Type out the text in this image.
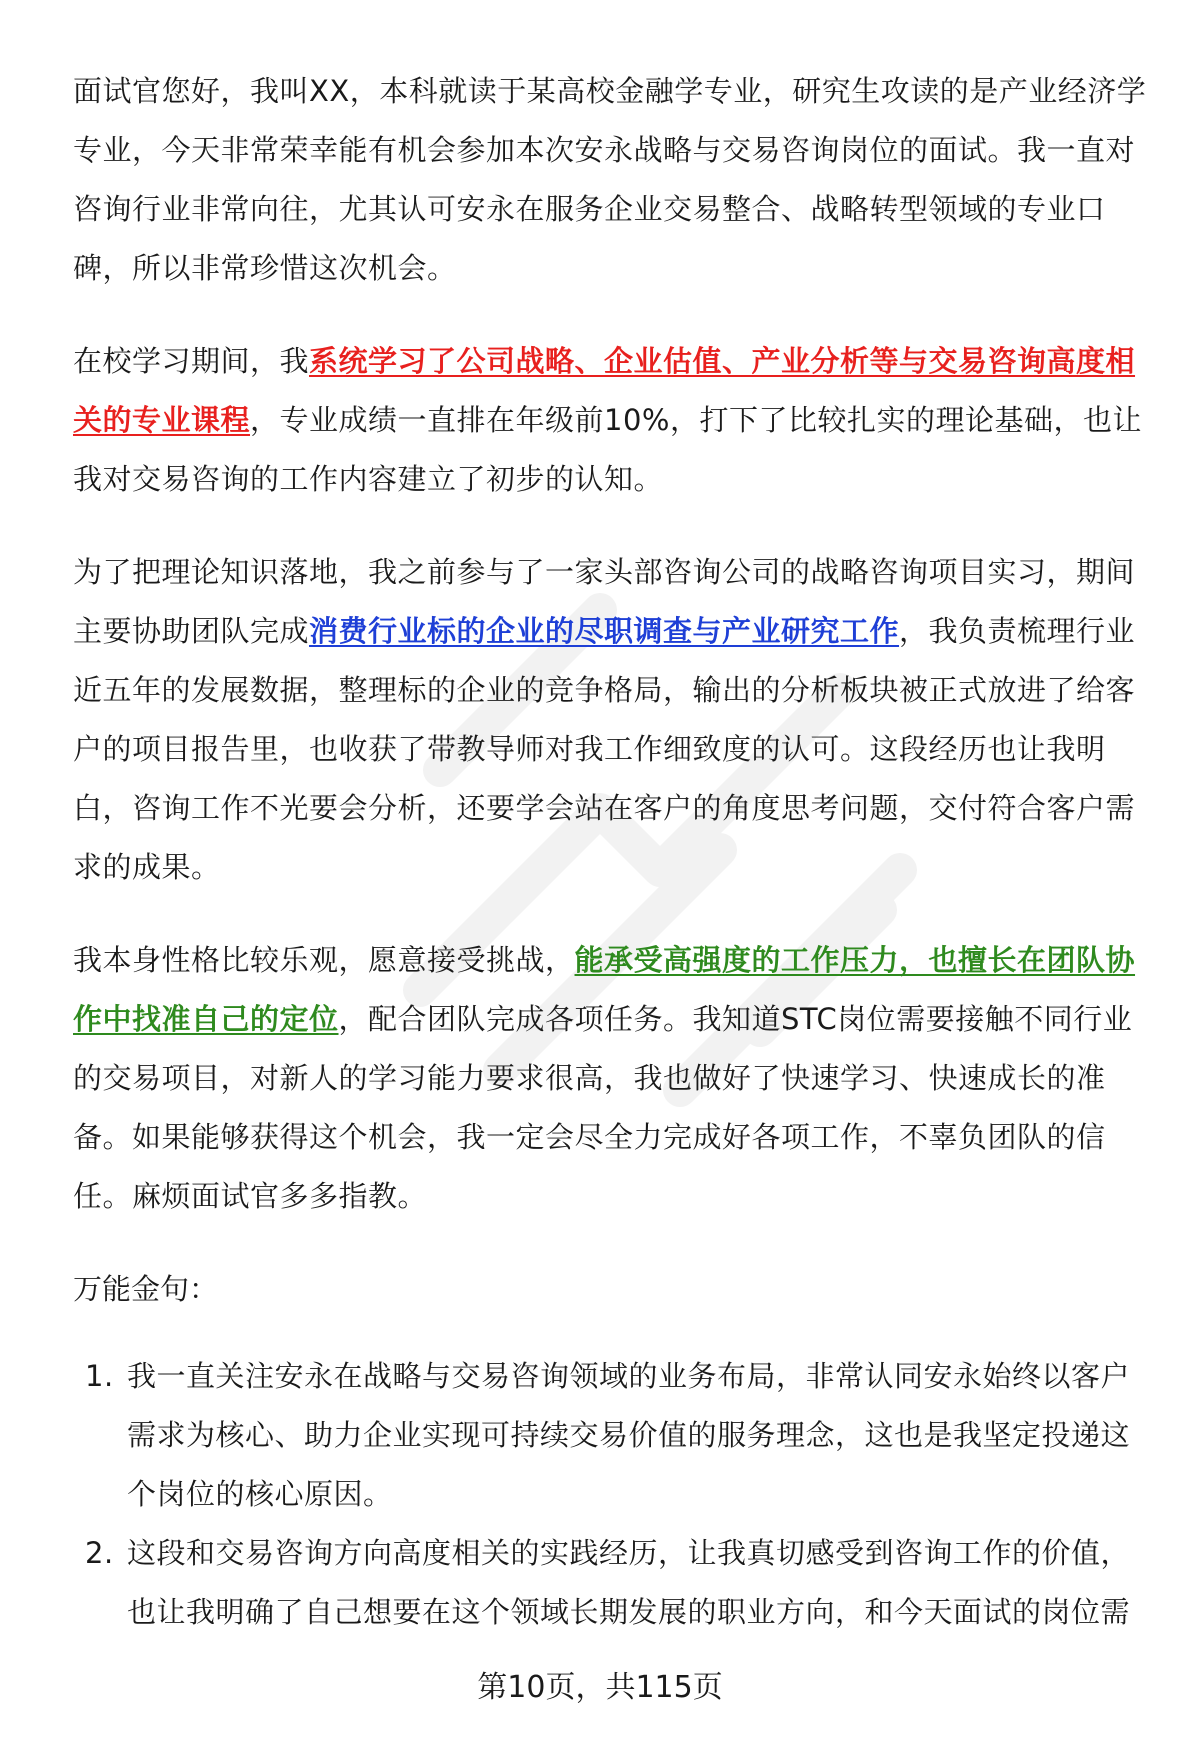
面试官您好，我叫XX，本科就读于某高校金融学专业，研究生攻读的是产业经济学专业，今天非常荣幸能有机会参加本次安永战略与交易咨询岗位的面试。我一直对咨询行业非常向往，尤其认可安永在服务企业交易整合、战略转型领域的专业口碑，所以非常珍惜这次机会。

在校学习期间，我系统学习了公司战略、企业估值、产业分析等与交易咨询高度相关的专业课程，专业成绩一直排在年级前10%，打下了比较扎实的理论基础，也让我对交易咨询的工作内容建立了初步的认知。

为了把理论知识落地，我之前参与了一家头部咨询公司的战略咨询项目实习，期间主要协助团队完成消费行业标的企业的尽职调查与产业研究工作，我负责梳理行业近五年的发展数据，整理标的企业的竞争格局，输出的分析板块被正式放进了给客户的项目报告里，也收获了带教导师对我工作细致度的认可。这段经历也让我明白，咨询工作不光要会分析，还要学会站在客户的角度思考问题，交付符合客户需求的成果。

我本身性格比较乐观，愿意接受挑战，能承受高强度的工作压力，也擅长在团队协作中找准自己的定位，配合团队完成各项任务。我知道STC岗位需要接触不同行业的交易项目，对新人的学习能力要求很高，我也做好了快速学习、快速成长的准备。如果能够获得这个机会，我一定会尽全力完成好各项工作，不辜负团队的信任。麻烦面试官多多指教。

万能金句：
1. 我一直关注安永在战略与交易咨询领域的业务布局，非常认同安永始终以客户需求为核心、助力企业实现可持续交易价值的服务理念，这也是我坚定投递这个岗位的核心原因。
2. 这段和交易咨询方向高度相关的实践经历，让我真切感受到咨询工作的价值，也让我明确了自己想要在这个领域长期发展的职业方向，和今天面试的岗位需
第10页，共115页
